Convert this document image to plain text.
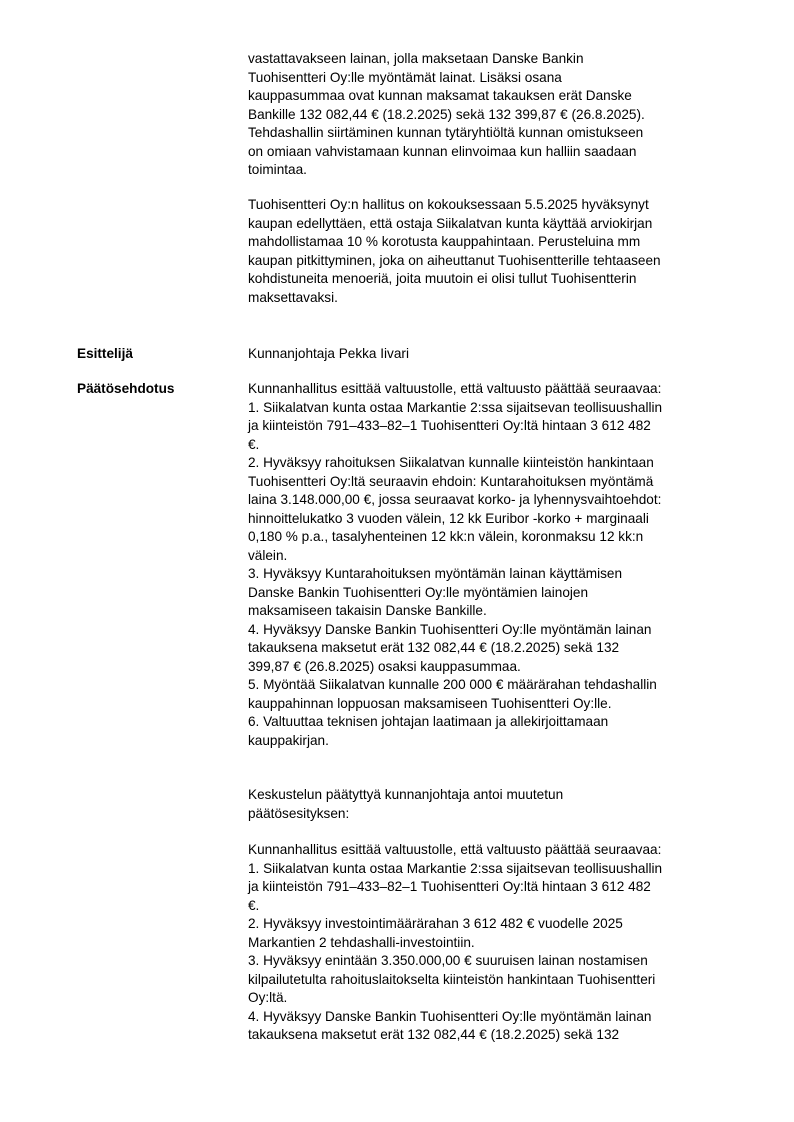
vastattavakseen lainan, jolla maksetaan Danske Bankin

Tuohisentteri Oy:lle myöntämät lainat. Lisäksi osana

kauppasummaa ovat kunnan maksamat takauksen erät Danske

Bankille 132 082,44 € (18.2.2025) sekä 132 399,87 € (26.8.2025).

Tehdashallin siirtäminen kunnan tytäryhtiöltä kunnan omistukseen

on omiaan vahvistamaan kunnan elinvoimaa kun halliin saadaan

toimintaa.

Tuohisentteri Oy:n hallitus on kokouksessaan 5.5.2025 hyväksynyt

kaupan edellyttäen, että ostaja Siikalatvan kunta käyttää arviokirjan

mahdollistamaa 10 % korotusta kauppahintaan. Perusteluina mm

kaupan pitkittyminen, joka on aiheuttanut Tuohisentterille tehtaaseen

kohdistuneita menoeriä, joita muutoin ei olisi tullut Tuohisentterin

maksettavaksi.

Esittelijä	Kunnanjohtaja Pekka Iivari

Päätösehdotus	Kunnanhallitus esittää valtuustolle, että valtuusto päättää seuraavaa:

1. Siikalatvan kunta ostaa Markantie 2:ssa sijaitsevan teollisuushallin

ja kiinteistön 791–433–82–1 Tuohisentteri Oy:ltä hintaan 3 612 482

€.

2. Hyväksyy rahoituksen Siikalatvan kunnalle kiinteistön hankintaan

Tuohisentteri Oy:ltä seuraavin ehdoin: Kuntarahoituksen myöntämä

laina 3.148.000,00 €, jossa seuraavat korko- ja lyhennysvaihtoehdot:

hinnoittelukatko 3 vuoden välein, 12 kk Euribor -korko + marginaali

0,180 % p.a., tasalyhenteinen 12 kk:n välein, koronmaksu 12 kk:n

välein.

3. Hyväksyy Kuntarahoituksen myöntämän lainan käyttämisen

Danske Bankin Tuohisentteri Oy:lle myöntämien lainojen

maksamiseen takaisin Danske Bankille.

4. Hyväksyy Danske Bankin Tuohisentteri Oy:lle myöntämän lainan

takauksena maksetut erät 132 082,44 € (18.2.2025) sekä 132

399,87 € (26.8.2025) osaksi kauppasummaa.

5. Myöntää Siikalatvan kunnalle 200 000 € määrärahan tehdashallin

kauppahinnan loppuosan maksamiseen Tuohisentteri Oy:lle.

6. Valtuuttaa teknisen johtajan laatimaan ja allekirjoittamaan

kauppakirjan.

Keskustelun päätyttyä kunnanjohtaja antoi muutetun

päätösesityksen:

Kunnanhallitus esittää valtuustolle, että valtuusto päättää seuraavaa:

1. Siikalatvan kunta ostaa Markantie 2:ssa sijaitsevan teollisuushallin

ja kiinteistön 791–433–82–1 Tuohisentteri Oy:ltä hintaan 3 612 482

€.

2. Hyväksyy investointimäärärahan 3 612 482 € vuodelle 2025

Markantien 2 tehdashalli-investointiin.

3. Hyväksyy enintään 3.350.000,00 € suuruisen lainan nostamisen

kilpailutetulta rahoituslaitokselta kiinteistön hankintaan Tuohisentteri

Oy:ltä.

4. Hyväksyy Danske Bankin Tuohisentteri Oy:lle myöntämän lainan

takauksena maksetut erät 132 082,44 € (18.2.2025) sekä 132
